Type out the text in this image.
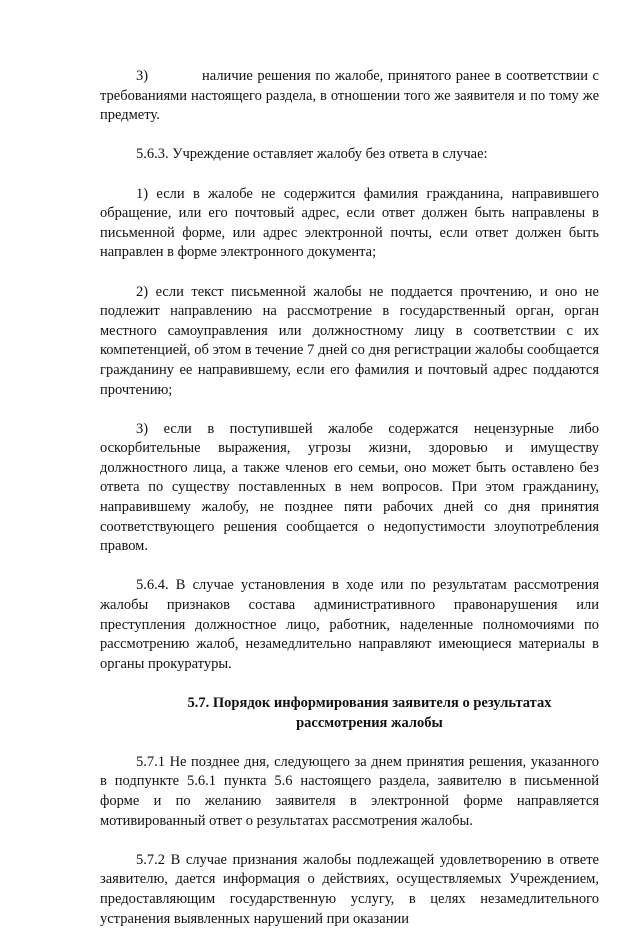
3)	наличие решения по жалобе, принятого ранее в соответствии с требованиями настоящего раздела, в отношении того же заявителя и по тому же предмету.

5.6.3. Учреждение оставляет жалобу без ответа в случае:

1) если в жалобе не содержится фамилия гражданина, направившего обращение, или его почтовый адрес, если ответ должен быть направлены в письменной форме, или адрес электронной почты, если ответ должен быть направлен в форме электронного документа;

2) если текст письменной жалобы не поддается прочтению, и оно не подлежит направлению на рассмотрение в государственный орган, орган местного самоуправления или должностному лицу в соответствии с их компетенцией, об этом в течение 7 дней со дня регистрации жалобы сообщается гражданину ее направившему, если его фамилия и почтовый адрес поддаются прочтению;

3) если в поступившей жалобе содержатся нецензурные либо оскорбительные выражения, угрозы жизни, здоровью и имуществу должностного лица, а также членов его семьи, оно может быть оставлено без ответа по существу поставленных в нем вопросов. При этом гражданину, направившему жалобу, не позднее пяти рабочих дней со дня принятия соответствующего решения сообщается о недопустимости злоупотребления правом.

5.6.4. В случае установления в ходе или по результатам рассмотрения жалобы признаков состава административного правонарушения или преступления должностное лицо, работник, наделенные полномочиями по рассмотрению жалоб, незамедлительно направляют имеющиеся материалы в органы прокуратуры.

5.7. Порядок информирования заявителя о результатах
рассмотрения жалобы

5.7.1 Не позднее дня, следующего за днем принятия решения, указанного в подпункте 5.6.1 пункта 5.6 настоящего раздела, заявителю в письменной форме и по желанию заявителя в электронной форме направляется мотивированный ответ о результатах рассмотрения жалобы.

5.7.2 В случае признания жалобы подлежащей удовлетворению в ответе заявителю, дается информация о действиях, осуществляемых Учреждением, предоставляющим государственную услугу, в целях незамедлительного устранения выявленных нарушений при оказании
